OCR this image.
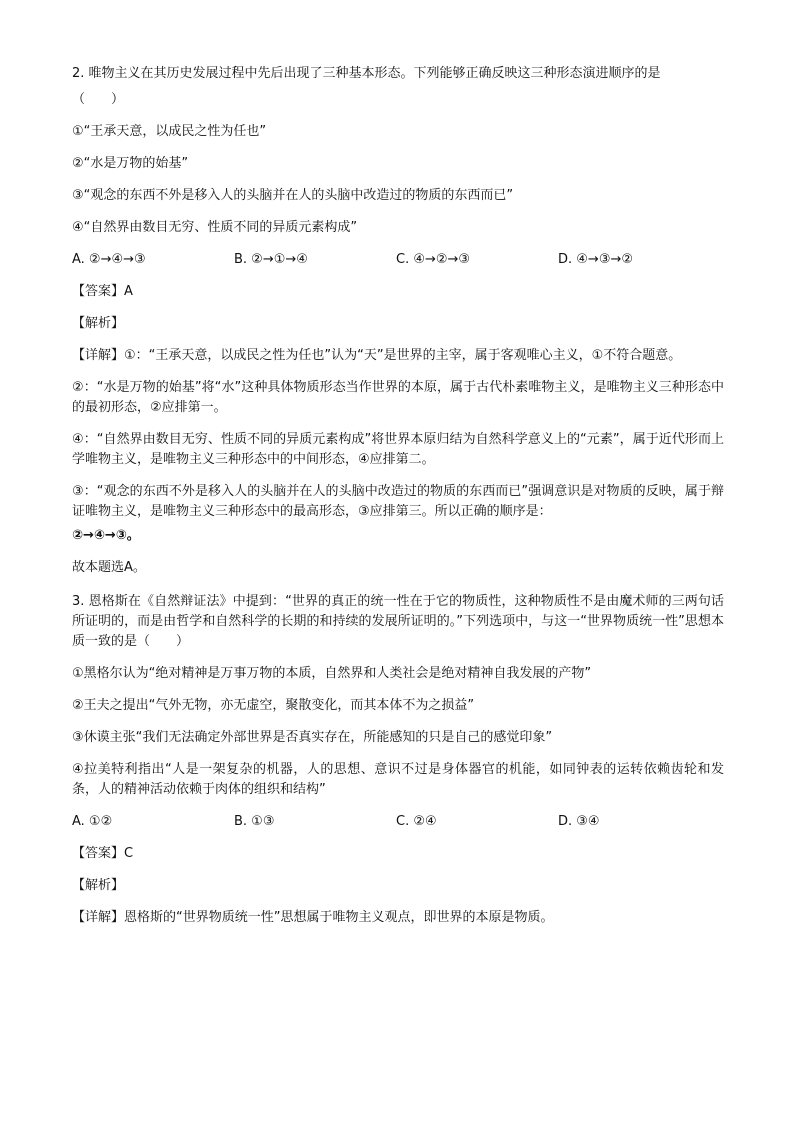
2. 唯物主义在其历史发展过程中先后出现了三种基本形态。下列能够正确反映这三种形态演进顺序的是
（　　）
①“王承天意，以成民之性为任也”
②“水是万物的始基”
③“观念的东西不外是移入人的头脑并在人的头脑中改造过的物质的东西而已”
④“自然界由数目无穷、性质不同的异质元素构成”
A. ②→④→③	B. ②→①→④	C. ④→②→③	D. ④→③→②
【答案】A
【解析】
【详解】①：“王承天意，以成民之性为任也”认为“天”是世界的主宰，属于客观唯心主义，①不符合题意。
②：“水是万物的始基”将“水”这种具体物质形态当作世界的本原，属于古代朴素唯物主义，是唯物主义三种形态中的最初形态，②应排第一。
④：“自然界由数目无穷、性质不同的异质元素构成”将世界本原归结为自然科学意义上的“元素”，属于近代形而上学唯物主义，是唯物主义三种形态中的中间形态，④应排第二。
③：“观念的东西不外是移入人的头脑并在人的头脑中改造过的物质的东西而已”强调意识是对物质的反映，属于辩证唯物主义，是唯物主义三种形态中的最高形态，③应排第三。所以正确的顺序是：
②→④→③。
故本题选A。
3. 恩格斯在《自然辩证法》中提到：“世界的真正的统一性在于它的物质性，这种物质性不是由魔术师的三两句话所证明的，而是由哲学和自然科学的长期的和持续的发展所证明的。”下列选项中，与这一“世界物质统一性”思想本质一致的是（　　）
①黑格尔认为“绝对精神是万事万物的本质，自然界和人类社会是绝对精神自我发展的产物”
②王夫之提出“气外无物，亦无虚空，聚散变化，而其本体不为之损益”
③休谟主张“我们无法确定外部世界是否真实存在，所能感知的只是自己的感觉印象”
④拉美特利指出“人是一架复杂的机器，人的思想、意识不过是身体器官的机能，如同钟表的运转依赖齿轮和发条，人的精神活动依赖于肉体的组织和结构”
A. ①②	B. ①③	C. ②④	D. ③④
【答案】C
【解析】
【详解】恩格斯的“世界物质统一性”思想属于唯物主义观点，即世界的本原是物质。
